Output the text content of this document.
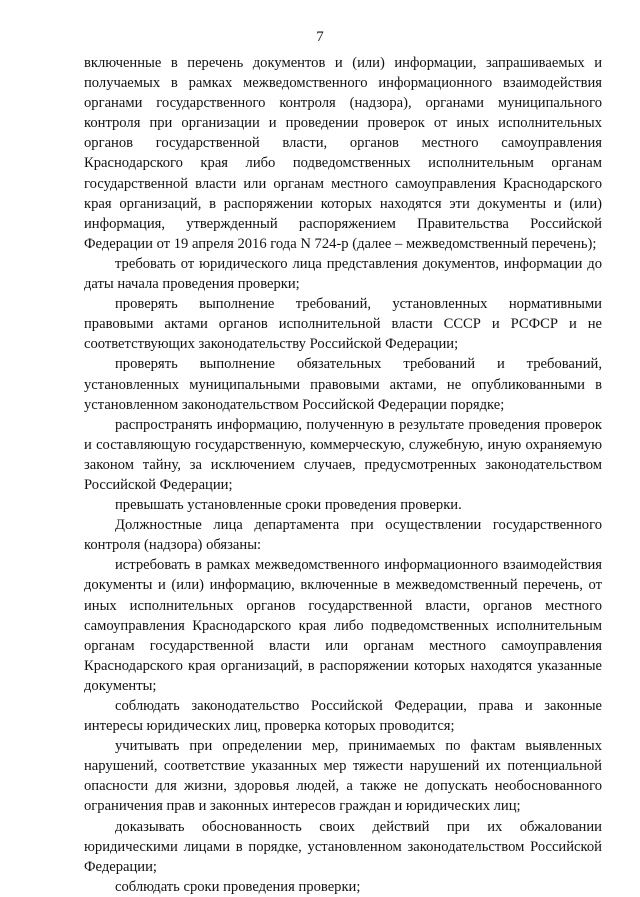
7

включенные в перечень документов и (или) информации, запрашиваемых и получаемых в рамках межведомственного информационного взаимодействия органами государственного контроля (надзора), органами муниципального контроля при организации и проведении проверок от иных исполнительных органов государственной власти, органов местного самоуправления Краснодарского края либо подведомственных исполнительным органам государственной власти или органам местного самоуправления Краснодарского края организаций, в распоряжении которых находятся эти документы и (или) информация, утвержденный распоряжением Правительства Российской Федерации от 19 апреля 2016 года N 724-р (далее – межведомственный перечень);

требовать от юридического лица представления документов, информации до даты начала проведения проверки;

проверять выполнение требований, установленных нормативными правовыми актами органов исполнительной власти СССР и РСФСР и не соответствующих законодательству Российской Федерации;

проверять выполнение обязательных требований и требований, установленных муниципальными правовыми актами, не опубликованными в установленном законодательством Российской Федерации порядке;

распространять информацию, полученную в результате проведения проверок и составляющую государственную, коммерческую, служебную, иную охраняемую законом тайну, за исключением случаев, предусмотренных законодательством Российской Федерации;

превышать установленные сроки проведения проверки.

Должностные лица департамента при осуществлении государственного контроля (надзора) обязаны:

истребовать в рамках межведомственного информационного взаимодействия документы и (или) информацию, включенные в межведомственный перечень, от иных исполнительных органов государственной власти, органов местного самоуправления Краснодарского края либо подведомственных исполнительным органам государственной власти или органам местного самоуправления Краснодарского края организаций, в распоряжении которых находятся указанные документы;

соблюдать законодательство Российской Федерации, права и законные интересы юридических лиц, проверка которых проводится;

учитывать при определении мер, принимаемых по фактам выявленных нарушений, соответствие указанных мер тяжести нарушений их потенциальной опасности для жизни, здоровья людей, а также не допускать необоснованного ограничения прав и законных интересов граждан и юридических лиц;

доказывать обоснованность своих действий при их обжаловании юридическими лицами в порядке, установленном законодательством Российской Федерации;

соблюдать сроки проведения проверки;
